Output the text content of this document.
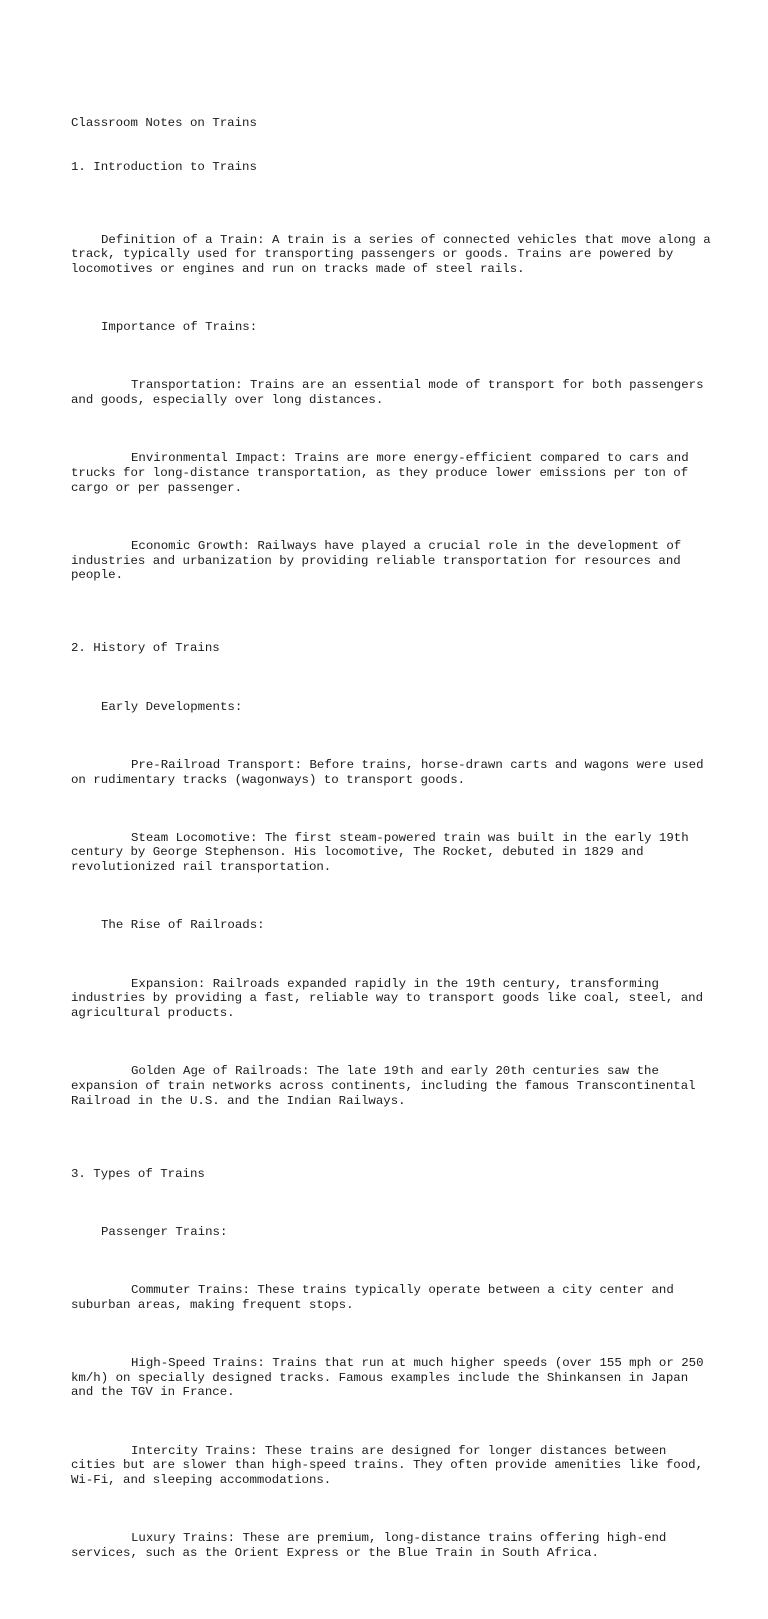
Classroom Notes on Trains

1. Introduction to Trains

Definition of a Train: A train is a series of connected vehicles that move along a track, typically used for transporting passengers or goods. Trains are powered by locomotives or engines and run on tracks made of steel rails.

Importance of Trains:

Transportation: Trains are an essential mode of transport for both passengers and goods, especially over long distances.

Environmental Impact: Trains are more energy-efficient compared to cars and trucks for long-distance transportation, as they produce lower emissions per ton of cargo or per passenger.

Economic Growth: Railways have played a crucial role in the development of industries and urbanization by providing reliable transportation for resources and people.

2. History of Trains

Early Developments:

Pre-Railroad Transport: Before trains, horse-drawn carts and wagons were used on rudimentary tracks (wagonways) to transport goods.

Steam Locomotive: The first steam-powered train was built in the early 19th century by George Stephenson. His locomotive, The Rocket, debuted in 1829 and revolutionized rail transportation.

The Rise of Railroads:

Expansion: Railroads expanded rapidly in the 19th century, transforming industries by providing a fast, reliable way to transport goods like coal, steel, and agricultural products.

Golden Age of Railroads: The late 19th and early 20th centuries saw the expansion of train networks across continents, including the famous Transcontinental Railroad in the U.S. and the Indian Railways.

3. Types of Trains

Passenger Trains:

Commuter Trains: These trains typically operate between a city center and suburban areas, making frequent stops.

High-Speed Trains: Trains that run at much higher speeds (over 155 mph or 250 km/h) on specially designed tracks. Famous examples include the Shinkansen in Japan and the TGV in France.

Intercity Trains: These trains are designed for longer distances between cities but are slower than high-speed trains. They often provide amenities like food, Wi-Fi, and sleeping accommodations.

Luxury Trains: These are premium, long-distance trains offering high-end services, such as the Orient Express or the Blue Train in South Africa.
